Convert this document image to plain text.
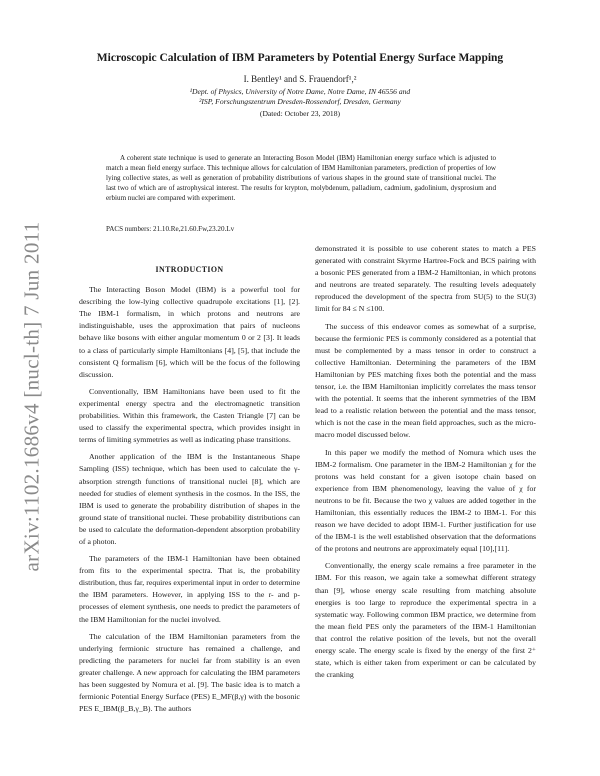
arXiv:1102.1686v4 [nucl-th] 7 Jun 2011
Microscopic Calculation of IBM Parameters by Potential Energy Surface Mapping
I. Bentley¹ and S. Frauendorf¹,²
¹Dept. of Physics, University of Notre Dame, Notre Dame, IN 46556 and
²ISP, Forschungszentrum Dresden-Rossendorf, Dresden, Germany
(Dated: October 23, 2018)

A coherent state technique is used to generate an Interacting Boson Model (IBM) Hamiltonian energy surface which is adjusted to match a mean field energy surface. This technique allows for calculation of IBM Hamiltonian parameters, prediction of properties of low lying collective states, as well as generation of probability distributions of various shapes in the ground state of transitional nuclei. The last two of which are of astrophysical interest. The results for krypton, molybdenum, palladium, cadmium, gadolinium, dysprosium and erbium nuclei are compared with experiment.

PACS numbers: 21.10.Re,21.60.Fw,23.20.Lv
INTRODUCTION

The Interacting Boson Model (IBM) is a powerful tool for describing the low-lying collective quadrupole excitations [1], [2]. The IBM-1 formalism, in which protons and neutrons are indistinguishable, uses the approximation that pairs of nucleons behave like bosons with either angular momentum 0 or 2 [3]. It leads to a class of particularly simple Hamiltonians [4], [5], that include the consistent Q formalism [6], which will be the focus of the following discussion.

Conventionally, IBM Hamiltonians have been used to fit the experimental energy spectra and the electromagnetic transition probabilities. Within this framework, the Casten Triangle [7] can be used to classify the experimental spectra, which provides insight in terms of limiting symmetries as well as indicating phase transitions.

Another application of the IBM is the Instantaneous Shape Sampling (ISS) technique, which has been used to calculate the γ-absorption strength functions of transitional nuclei [8], which are needed for studies of element synthesis in the cosmos. In the ISS, the IBM is used to generate the probability distribution of shapes in the ground state of transitional nuclei. These probability distributions can be used to calculate the deformation-dependent absorption probability of a photon.

The parameters of the IBM-1 Hamiltonian have been obtained from fits to the experimental spectra. That is, the probability distribution, thus far, requires experimental input in order to determine the IBM parameters. However, in applying ISS to the r- and p- processes of element synthesis, one needs to predict the parameters of the IBM Hamiltonian for the nuclei involved.

The calculation of the IBM Hamiltonian parameters from the underlying fermionic structure has remained a challenge, and predicting the parameters for nuclei far from stability is an even greater challenge. A new approach for calculating the IBM parameters has been suggested by Nomura et al. [9]. The basic idea is to match a fermionic Potential Energy Surface (PES) E_MF(β,γ) with the bosonic PES E_IBM(β_B,γ_B). The authors

demonstrated it is possible to use coherent states to match a PES generated with constraint Skyrme Hartree-Fock and BCS pairing with a bosonic PES generated from a IBM-2 Hamiltonian, in which protons and neutrons are treated separately. The resulting levels adequately reproduced the development of the spectra from SU(5) to the SU(3) limit for 84 ≤ N ≤100.

The success of this endeavor comes as somewhat of a surprise, because the fermionic PES is commonly considered as a potential that must be complemented by a mass tensor in order to construct a collective Hamiltonian. Determining the parameters of the IBM Hamiltonian by PES matching fixes both the potential and the mass tensor, i.e. the IBM Hamiltonian implicitly correlates the mass tensor with the potential. It seems that the inherent symmetries of the IBM lead to a realistic relation between the potential and the mass tensor, which is not the case in the mean field approaches, such as the micro-macro model discussed below.

In this paper we modify the method of Nomura which uses the IBM-2 formalism. One parameter in the IBM-2 Hamiltonian χ for the protons was held constant for a given isotope chain based on experience from IBM phenomenology, leaving the value of χ for neutrons to be fit. Because the two χ values are added together in the Hamiltonian, this essentially reduces the IBM-2 to IBM-1. For this reason we have decided to adopt IBM-1. Further justification for use of the IBM-1 is the well established observation that the deformations of the protons and neutrons are approximately equal [10],[11].

Conventionally, the energy scale remains a free parameter in the IBM. For this reason, we again take a somewhat different strategy than [9], whose energy scale resulting from matching absolute energies is too large to reproduce the experimental spectra in a systematic way. Following common IBM practice, we determine from the mean field PES only the parameters of the IBM-1 Hamiltonian that control the relative position of the levels, but not the overall energy scale. The energy scale is fixed by the energy of the first 2⁺ state, which is either taken from experiment or can be calculated by the cranking
